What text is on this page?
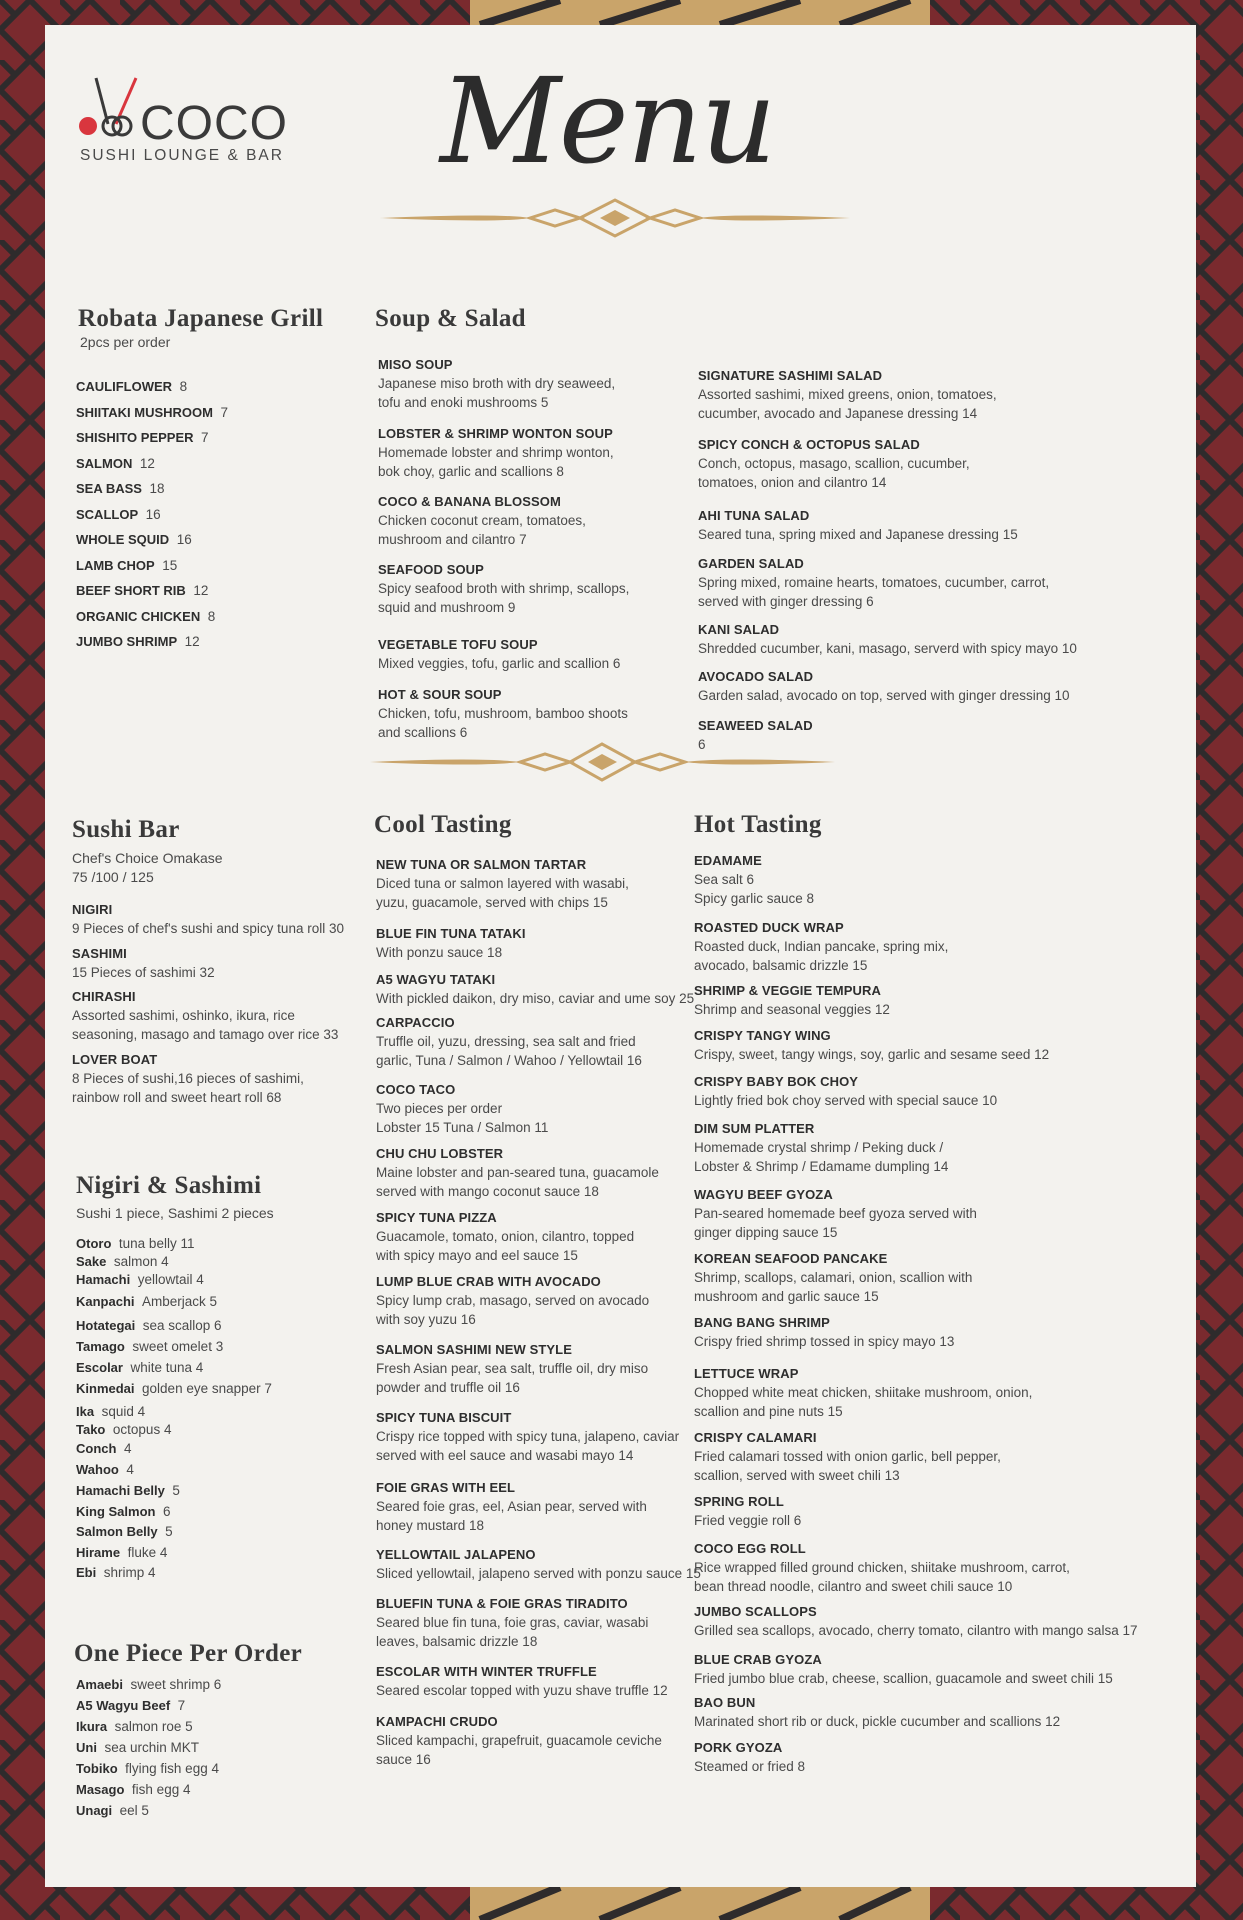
COCO
SUSHI LOUNGE & BAR Menu
Robata Japanese Grill
2pcs per order
CAULIFLOWER 8
SHIITAKI MUSHROOM 7
SHISHITO PEPPER 7
SALMON 12
SEA BASS 18
SCALLOP 16
WHOLE SQUID 16
LAMB CHOP 15
BEEF SHORT RIB 12
ORGANIC CHICKEN 8
JUMBO SHRIMP 12
Soup & Salad
MISO SOUP
Japanese miso broth with dry seaweed,
tofu and enoki mushrooms 5
LOBSTER & SHRIMP WONTON SOUP
Homemade lobster and shrimp wonton,
bok choy, garlic and scallions 8
COCO & BANANA BLOSSOM
Chicken coconut cream, tomatoes,
mushroom and cilantro 7
SEAFOOD SOUP
Spicy seafood broth with shrimp, scallops,
squid and mushroom 9
VEGETABLE TOFU SOUP
Mixed veggies, tofu, garlic and scallion 6
HOT & SOUR SOUP
Chicken, tofu, mushroom, bamboo shoots
and scallions 6
SIGNATURE SASHIMI SALAD
Assorted sashimi, mixed greens, onion, tomatoes,
cucumber, avocado and Japanese dressing 14
SPICY CONCH & OCTOPUS SALAD
Conch, octopus, masago, scallion, cucumber,
tomatoes, onion and cilantro 14
AHI TUNA SALAD
Seared tuna, spring mixed and Japanese dressing 15
GARDEN SALAD
Spring mixed, romaine hearts, tomatoes, cucumber, carrot,
served with ginger dressing 6
KANI SALAD
Shredded cucumber, kani, masago, serverd with spicy mayo 10
AVOCADO SALAD
Garden salad, avocado on top, served with ginger dressing 10
SEAWEED SALAD
6
Sushi Bar
Chef's Choice Omakase
75 /100 / 125
NIGIRI
9 Pieces of chef's sushi and spicy tuna roll 30
SASHIMI
15 Pieces of sashimi 32
CHIRASHI
Assorted sashimi, oshinko, ikura, rice
seasoning, masago and tamago over rice 33
LOVER BOAT
8 Pieces of sushi,16 pieces of sashimi,
rainbow roll and sweet heart roll 68
Nigiri & Sashimi
Sushi 1 piece, Sashimi 2 pieces
Otoro tuna belly 11
Sake salmon 4
Hamachi yellowtail 4
Kanpachi Amberjack 5
Hotategai sea scallop 6
Tamago sweet omelet 3
Escolar white tuna 4
Kinmedai golden eye snapper 7
Ika squid 4
Tako octopus 4
Conch 4
Wahoo 4
Hamachi Belly 5
King Salmon 6
Salmon Belly 5
Hirame fluke 4
Ebi shrimp 4
One Piece Per Order
Amaebi sweet shrimp 6
A5 Wagyu Beef 7
Ikura salmon roe 5
Uni sea urchin MKT
Tobiko flying fish egg 4
Masago fish egg 4
Unagi eel 5
Cool Tasting
NEW TUNA OR SALMON TARTAR
Diced tuna or salmon layered with wasabi,
yuzu, guacamole, served with chips 15
BLUE FIN TUNA TATAKI
With ponzu sauce 18
A5 WAGYU TATAKI
With pickled daikon, dry miso, caviar and ume soy 25
CARPACCIO
Truffle oil, yuzu, dressing, sea salt and fried
garlic, Tuna / Salmon / Wahoo / Yellowtail 16
COCO TACO
Two pieces per order
Lobster 15 Tuna / Salmon 11
CHU CHU LOBSTER
Maine lobster and pan-seared tuna, guacamole
served with mango coconut sauce 18
SPICY TUNA PIZZA
Guacamole, tomato, onion, cilantro, topped
with spicy mayo and eel sauce 15
LUMP BLUE CRAB WITH AVOCADO
Spicy lump crab, masago, served on avocado
with soy yuzu 16
SALMON SASHIMI NEW STYLE
Fresh Asian pear, sea salt, truffle oil, dry miso
powder and truffle oil 16
SPICY TUNA BISCUIT
Crispy rice topped with spicy tuna, jalapeno, caviar
served with eel sauce and wasabi mayo 14
FOIE GRAS WITH EEL
Seared foie gras, eel, Asian pear, served with
honey mustard 18
YELLOWTAIL JALAPENO
Sliced yellowtail, jalapeno served with ponzu sauce 15
BLUEFIN TUNA & FOIE GRAS TIRADITO
Seared blue fin tuna, foie gras, caviar, wasabi
leaves, balsamic drizzle 18
ESCOLAR WITH WINTER TRUFFLE
Seared escolar topped with yuzu shave truffle 12
KAMPACHI CRUDO
Sliced kampachi, grapefruit, guacamole ceviche
sauce 16
Hot Tasting
EDAMAME
Sea salt 6
Spicy garlic sauce 8
ROASTED DUCK WRAP
Roasted duck, Indian pancake, spring mix,
avocado, balsamic drizzle 15
SHRIMP & VEGGIE TEMPURA
Shrimp and seasonal veggies 12
CRISPY TANGY WING
Crispy, sweet, tangy wings, soy, garlic and sesame seed 12
CRISPY BABY BOK CHOY
Lightly fried bok choy served with special sauce 10
DIM SUM PLATTER
Homemade crystal shrimp / Peking duck /
Lobster & Shrimp / Edamame dumpling 14
WAGYU BEEF GYOZA
Pan-seared homemade beef gyoza served with
ginger dipping sauce 15
KOREAN SEAFOOD PANCAKE
Shrimp, scallops, calamari, onion, scallion with
mushroom and garlic sauce 15
BANG BANG SHRIMP
Crispy fried shrimp tossed in spicy mayo 13
LETTUCE WRAP
Chopped white meat chicken, shiitake mushroom, onion,
scallion and pine nuts 15
CRISPY CALAMARI
Fried calamari tossed with onion garlic, bell pepper,
scallion, served with sweet chili 13
SPRING ROLL
Fried veggie roll 6
COCO EGG ROLL
Rice wrapped filled ground chicken, shiitake mushroom, carrot,
bean thread noodle, cilantro and sweet chili sauce 10
JUMBO SCALLOPS
Grilled sea scallops, avocado, cherry tomato, cilantro with mango salsa 17
BLUE CRAB GYOZA
Fried jumbo blue crab, cheese, scallion, guacamole and sweet chili 15
BAO BUN
Marinated short rib or duck, pickle cucumber and scallions 12
PORK GYOZA
Steamed or fried 8
